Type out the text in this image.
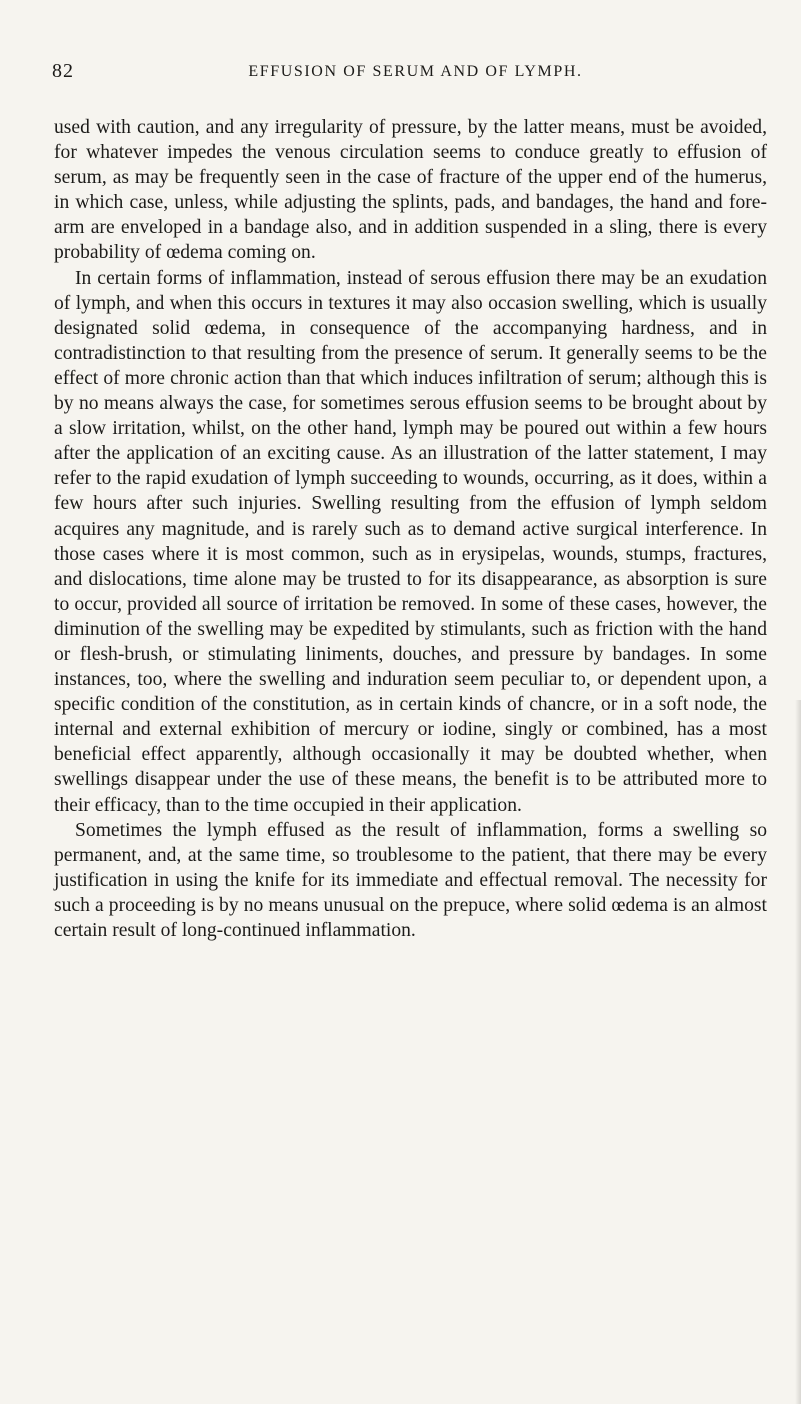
82	EFFUSION OF SERUM AND OF LYMPH.

used with caution, and any irregularity of pressure, by the latter means, must be avoided, for whatever impedes the venous circulation seems to conduce greatly to effusion of serum, as may be frequently seen in the case of fracture of the upper end of the humerus, in which case, unless, while adjusting the splints, pads, and bandages, the hand and fore-arm are enveloped in a bandage also, and in addition suspended in a sling, there is every probability of œdema coming on.

In certain forms of inflammation, instead of serous effusion there may be an exudation of lymph, and when this occurs in textures it may also occasion swelling, which is usually designated solid œdema, in consequence of the accompanying hardness, and in contradistinction to that resulting from the presence of serum. It generally seems to be the effect of more chronic action than that which induces infiltration of serum; although this is by no means always the case, for sometimes serous effusion seems to be brought about by a slow irritation, whilst, on the other hand, lymph may be poured out within a few hours after the application of an exciting cause. As an illustration of the latter statement, I may refer to the rapid exudation of lymph succeeding to wounds, occurring, as it does, within a few hours after such injuries. Swelling resulting from the effusion of lymph seldom acquires any magnitude, and is rarely such as to demand active surgical interference. In those cases where it is most common, such as in erysipelas, wounds, stumps, fractures, and dislocations, time alone may be trusted to for its disappearance, as absorption is sure to occur, provided all source of irritation be removed. In some of these cases, however, the diminution of the swelling may be expedited by stimulants, such as friction with the hand or flesh-brush, or stimulating liniments, douches, and pressure by bandages. In some instances, too, where the swelling and induration seem peculiar to, or dependent upon, a specific condition of the constitution, as in certain kinds of chancre, or in a soft node, the internal and external exhibition of mercury or iodine, singly or combined, has a most beneficial effect apparently, although occasionally it may be doubted whether, when swellings disappear under the use of these means, the benefit is to be attributed more to their efficacy, than to the time occupied in their application.

Sometimes the lymph effused as the result of inflammation, forms a swelling so permanent, and, at the same time, so troublesome to the patient, that there may be every justification in using the knife for its immediate and effectual removal. The necessity for such a proceeding is by no means unusual on the prepuce, where solid œdema is an almost certain result of long-continued inflammation.
